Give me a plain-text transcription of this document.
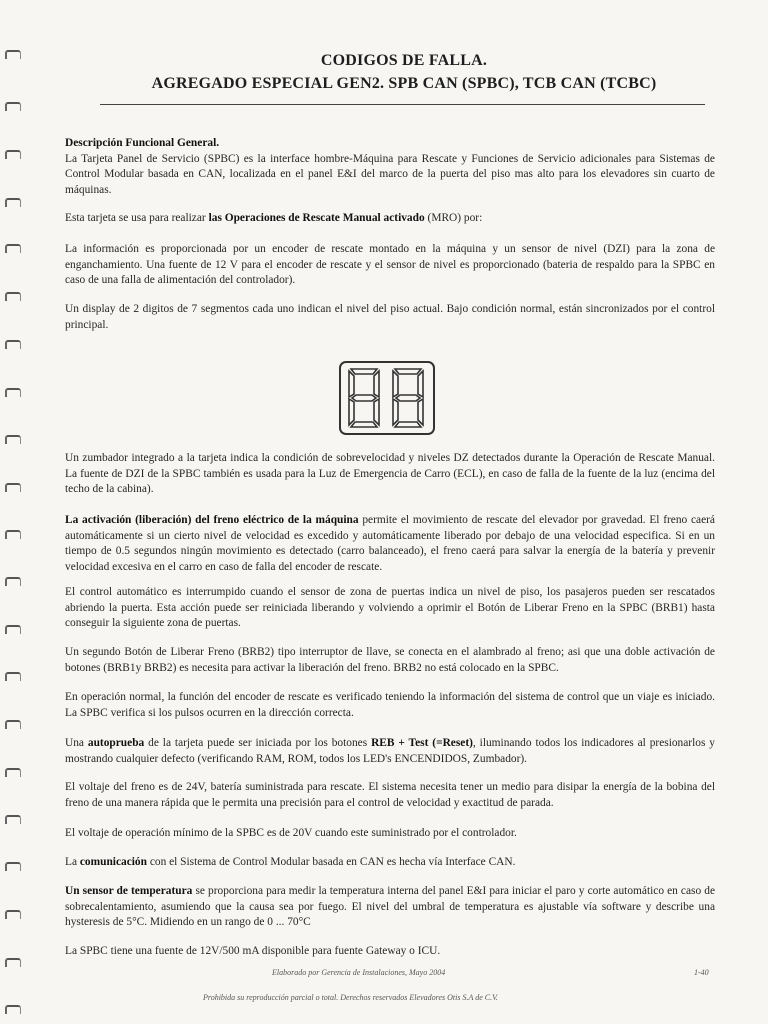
CODIGOS DE FALLA.
AGREGADO ESPECIAL GEN2. SPB CAN (SPBC), TCB CAN (TCBC)

Descripción Funcional General.
La Tarjeta Panel de Servicio (SPBC) es la interface hombre-Máquina para Rescate y Funciones de Servicio adicionales para Sistemas de Control Modular basada en CAN, localizada en el panel E&I del marco de la puerta del piso mas alto para los elevadores sin cuarto de máquinas.

Esta tarjeta se usa para realizar las Operaciones de Rescate Manual activado (MRO) por:

La información es proporcionada por un encoder de rescate montado en la máquina y un sensor de nivel (DZI) para la zona de enganchamiento. Una fuente de 12 V para el encoder de rescate y el sensor de nivel es proporcionado (bateria de respaldo para la SPBC en caso de una falla de alimentación del controlador).

Un display de 2 digitos de 7 segmentos cada uno indican el nivel del piso actual. Bajo condición normal, están sincronizados por el control principal.

Un zumbador integrado a la tarjeta indica la condición de sobrevelocidad y niveles DZ detectados durante la Operación de Rescate Manual. La fuente de DZI de la SPBC también es usada para la Luz de Emergencia de Carro (ECL), en caso de falla de la fuente de la luz (encima del techo de la cabina).

La activación (liberación) del freno eléctrico de la máquina permite el movimiento de rescate del elevador por gravedad. El freno caerá automáticamente si un cierto nivel de velocidad es excedido y automáticamente liberado por debajo de una velocidad especifica. Si en un tiempo de 0.5 segundos ningún movimiento es detectado (carro balanceado), el freno caerá para salvar la energía de la batería y prevenir velocidad excesiva en el carro en caso de falla del encoder de rescate.

El control automático es interrumpido cuando el sensor de zona de puertas indica un nivel de piso, los pasajeros pueden ser rescatados abriendo la puerta. Esta acción puede ser reiniciada liberando y volviendo a oprimir el Botón de Liberar Freno en la SPBC (BRB1) hasta conseguir la siguiente zona de puertas.

Un segundo Botón de Liberar Freno (BRB2) tipo interruptor de llave, se conecta en el alambrado al freno; asi que una doble activación de botones (BRB1y BRB2) es necesita para activar la liberación del freno. BRB2 no está colocado en la SPBC.

En operación normal, la función del encoder de rescate es verificado teniendo la información del sistema de control que un viaje es iniciado. La SPBC verifica si los pulsos ocurren en la dirección correcta.

Una autoprueba de la tarjeta puede ser iniciada por los botones REB + Test (=Reset), iluminando todos los indicadores al presionarlos y mostrando cualquier defecto (verificando RAM, ROM, todos los LED's ENCENDIDOS, Zumbador).

El voltaje del freno es de 24V, batería suministrada para rescate. El sistema necesita tener un medio para disipar la energía de la bobina del freno de una manera rápida que le permita una precisión para el control de velocidad y exactitud de parada.

El voltaje de operación mínimo de la SPBC es de 20V cuando este suministrado por el controlador.

La comunicación con el Sistema de Control Modular basada en CAN es hecha vía Interface CAN.

Un sensor de temperatura se proporciona para medir la temperatura interna del panel E&I para iniciar el paro y corte automático en caso de sobrecalentamiento, asumiendo que la causa sea por fuego. El nivel del umbral de temperatura es ajustable vía software y describe una hysteresis de 5°C. Midiendo en un rango de 0 ... 70°C

La SPBC tiene una fuente de 12V/500 mA disponible para fuente Gateway o ICU.

Elaborado por Gerencia de Instalaciones, Mayo 2004	1-40
Prohibida su reproducción parcial o total. Derechos reservados Elevadores Otis S.A de C.V.
